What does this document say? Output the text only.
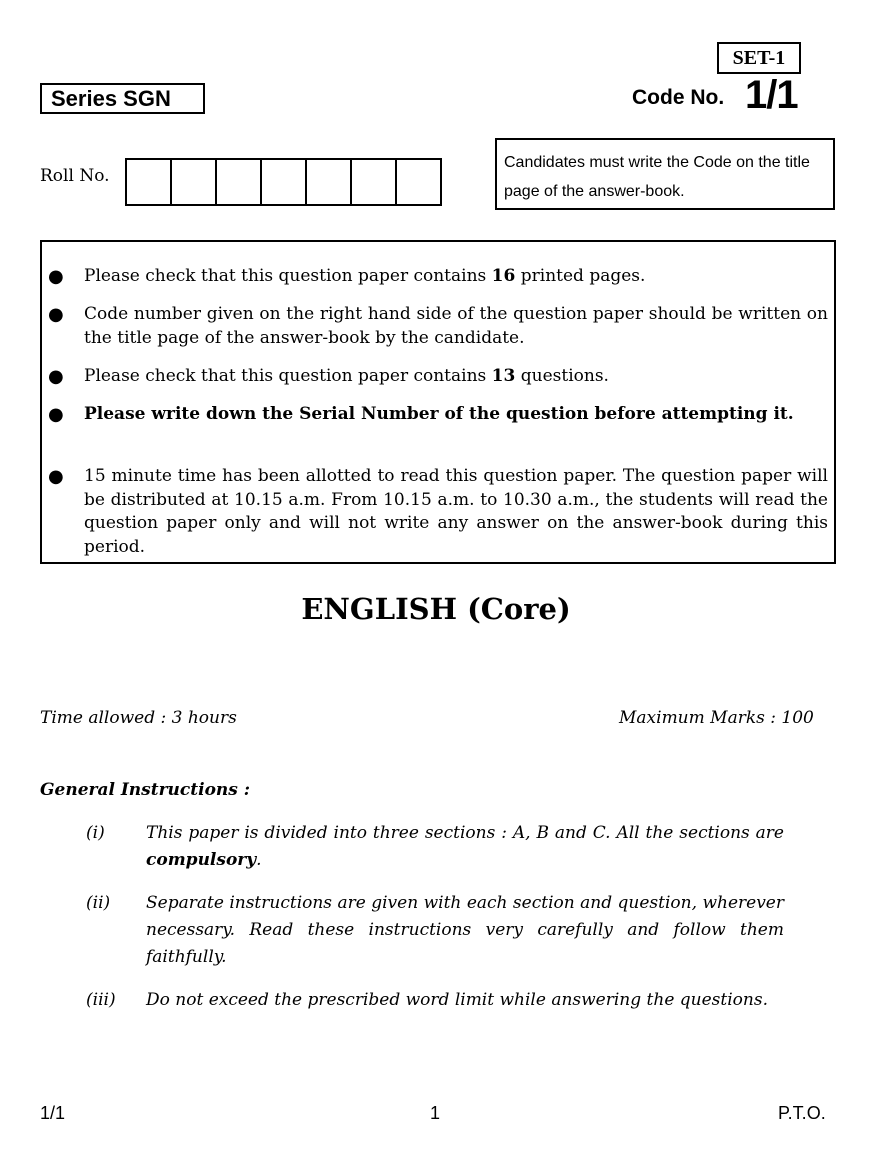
SET-1
Series SGN	Code No. 1/1
Roll No.
Candidates must write the Code on the title page of the answer-book.
● Please check that this question paper contains 16 printed pages.
● Code number given on the right hand side of the question paper should be written on the title page of the answer-book by the candidate.
● Please check that this question paper contains 13 questions.
● Please write down the Serial Number of the question before attempting it.
● 15 minute time has been allotted to read this question paper. The question paper will be distributed at 10.15 a.m. From 10.15 a.m. to 10.30 a.m., the students will read the question paper only and will not write any answer on the answer-book during this period.
ENGLISH (Core)
Time allowed : 3 hours	Maximum Marks : 100
General Instructions :
(i) This paper is divided into three sections : A, B and C. All the sections are compulsory.
(ii) Separate instructions are given with each section and question, wherever necessary. Read these instructions very carefully and follow them faithfully.
(iii) Do not exceed the prescribed word limit while answering the questions.
1/1	1	P.T.O.
